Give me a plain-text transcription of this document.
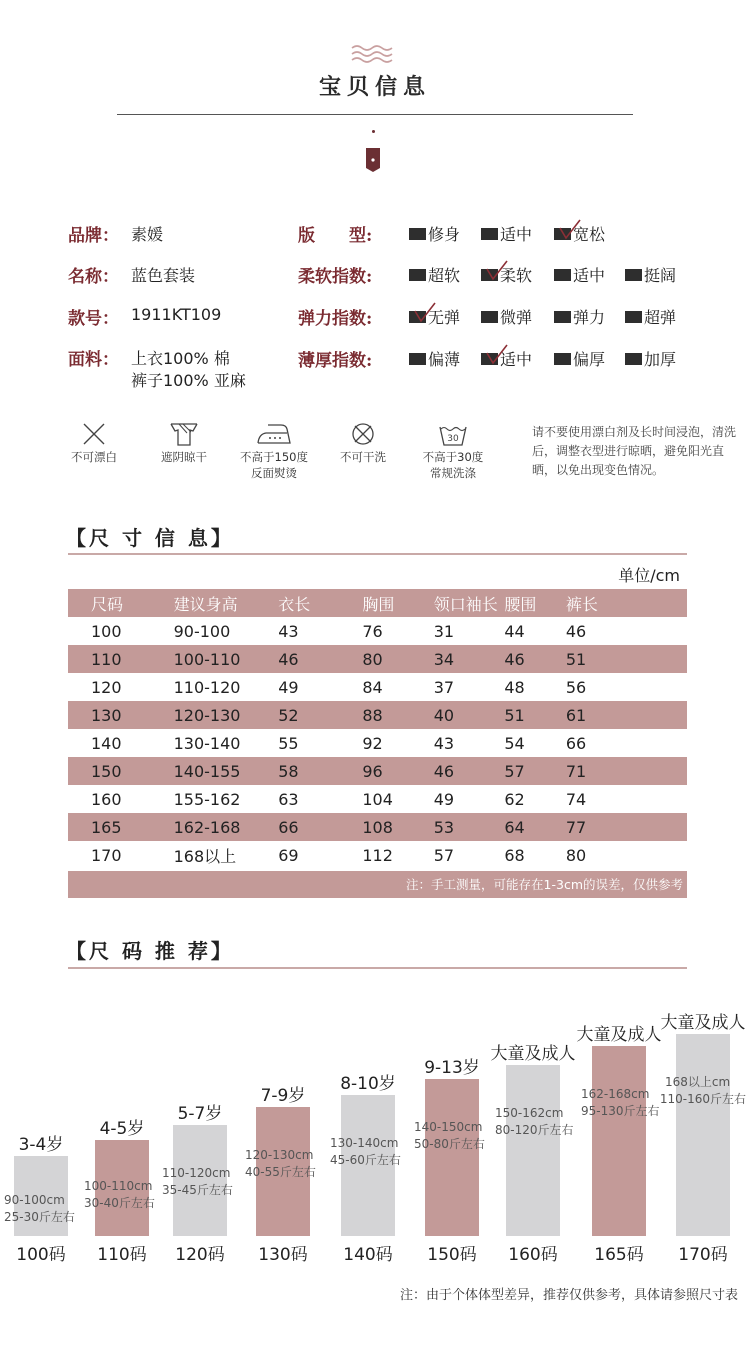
宝贝信息
品牌： 素媛
名称： 蓝色套装
款号： 1911KT109
面料： 上衣100% 棉
裤子100% 亚麻
版　　型:	修身 适中	宽松
柔软指数:	超软 柔软	适中 挺阔
弹力指数:	无弹 微弹	弹力 超弹
薄厚指数:	偏薄 适中	偏厚 加厚
不可漂白	遮阴晾干	不高于150度
反面熨烫
不可干洗
30
不高于30度
常规洗涤
请不要使用漂白剂及长时间浸泡，清洗后，调整衣型进行晾晒，避免阳光直晒，以免出现变色情况。
【尺 寸 信 息】
单位/cm
尺码	建议身高	衣长	胸围	领口袖长	腰围	裤长
100	90-100	43	76	31	44	46
110	100-110	46	80	34	46	51
120	110-120	49	84	37	48	56
130	120-130	52	88	40	51	61
140	130-140	55	92	43	54	66
150	140-155	58	96	46	57	71
160	155-162	63	104	49	62	74
165	162-168	66	108	53	64	77
170	168以上	69	112	57	68	80
注：手工测量，可能存在1-3cm的误差，仅供参考
【尺 码 推 荐】
3-4岁
90-100cm
25-30斤左右
100码
4-5岁
100-110cm
30-40斤左右
110码
5-7岁
110-120cm
35-45斤左右
120码
7-9岁
120-130cm
40-55斤左右
130码
8-10岁
130-140cm
45-60斤左右
140码
9-13岁
140-150cm
50-80斤左右
150码
大童及成人
150-162cm
80-120斤左右
160码
大童及成人
162-168cm
95-130斤左右
165码
大童及成人
168以上cm
110-160斤左右
170码
注：由于个体体型差异，推荐仅供参考，具体请参照尺寸表
